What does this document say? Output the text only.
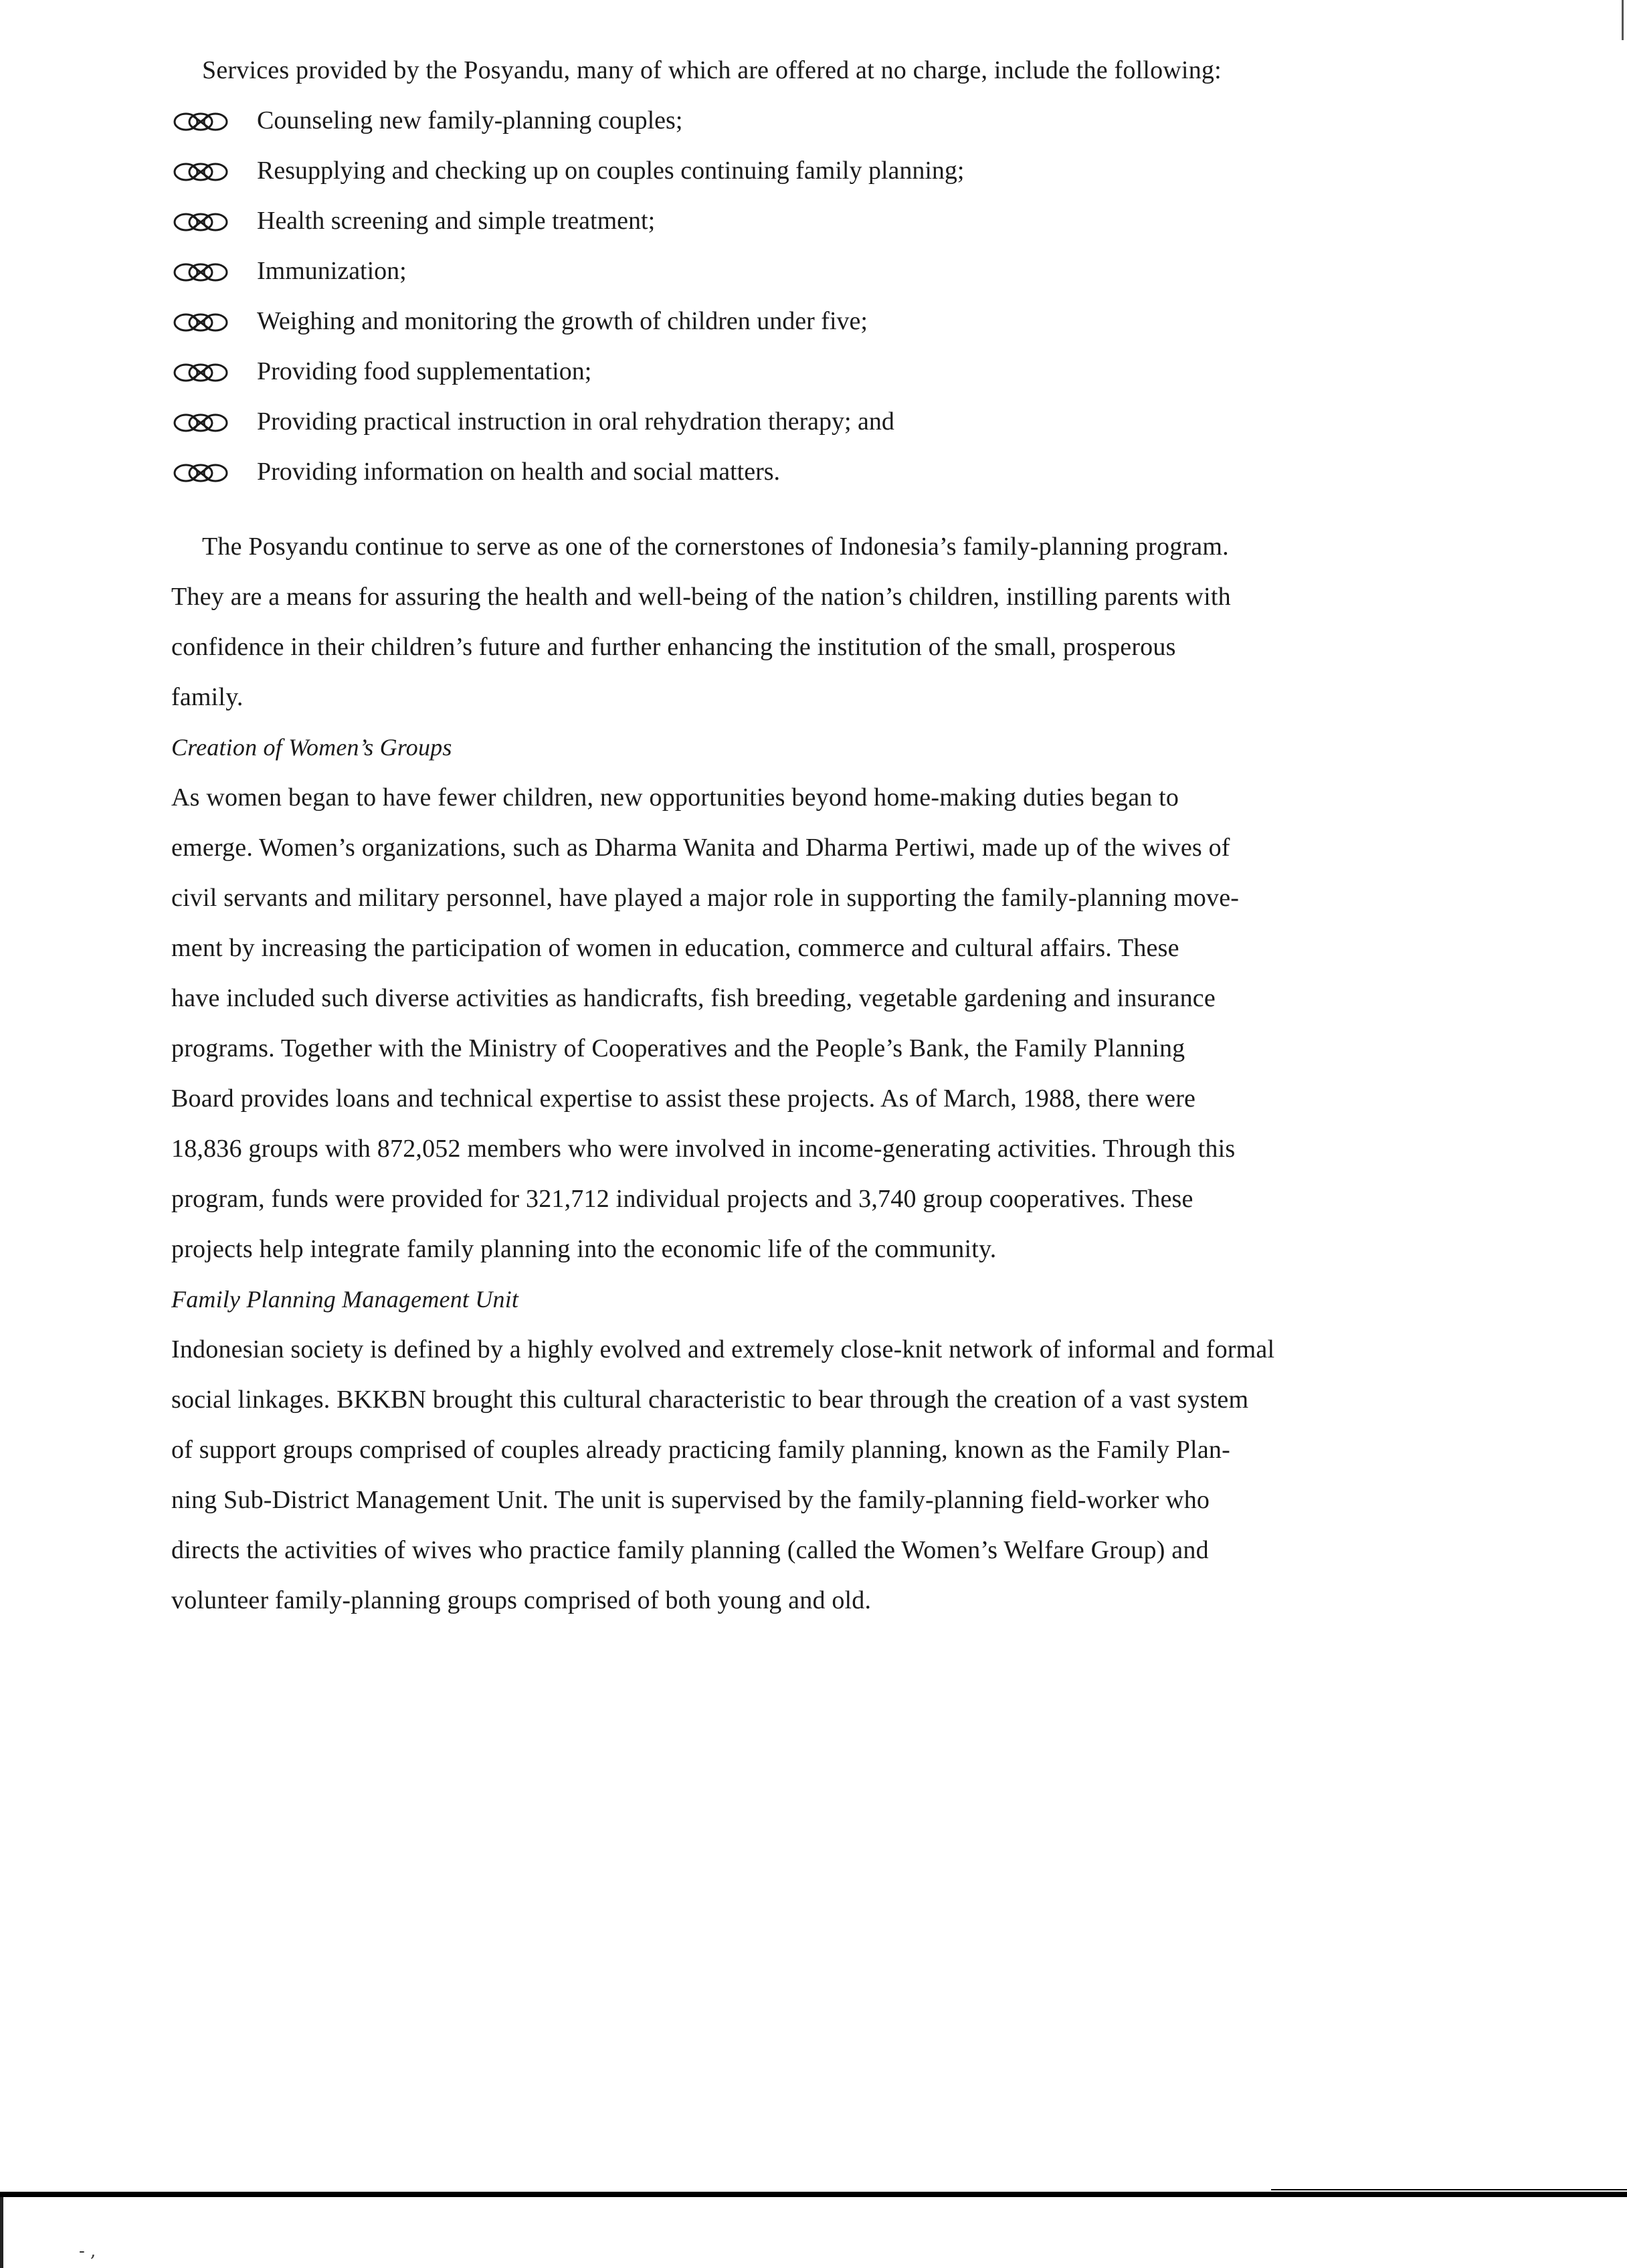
Services provided by the Posyandu, many of which are offered at no charge, include the following:
Counseling new family-planning couples;
Resupplying and checking up on couples continuing family planning;
Health screening and simple treatment;
Immunization;
Weighing and monitoring the growth of children under five;
Providing food supplementation;
Providing practical instruction in oral rehydration therapy; and
Providing information on health and social matters.
The Posyandu continue to serve as one of the cornerstones of Indonesia’s family-planning program.
They are a means for assuring the health and well-being of the nation’s children, instilling parents with
confidence in their children’s future and further enhancing the institution of the small, prosperous
family.
Creation of Women’s Groups
As women began to have fewer children, new opportunities beyond home-making duties began to
emerge. Women’s organizations, such as Dharma Wanita and Dharma Pertiwi, made up of the wives of
civil servants and military personnel, have played a major role in supporting the family-planning move-
ment by increasing the participation of women in education, commerce and cultural affairs. These
have included such diverse activities as handicrafts, fish breeding, vegetable gardening and insurance
programs. Together with the Ministry of Cooperatives and the People’s Bank, the Family Planning
Board provides loans and technical expertise to assist these projects. As of March, 1988, there were
18,836 groups with 872,052 members who were involved in income-generating activities. Through this
program, funds were provided for 321,712 individual projects and 3,740 group cooperatives. These
projects help integrate family planning into the economic life of the community.
Family Planning Management Unit
Indonesian society is defined by a highly evolved and extremely close-knit network of informal and formal
social linkages. BKKBN brought this cultural characteristic to bear through the creation of a vast system
of support groups comprised of couples already practicing family planning, known as the Family Plan-
ning Sub-District Management Unit. The unit is supervised by the family-planning field-worker who
directs the activities of wives who practice family planning (called the Women’s Welfare Group) and
volunteer family-planning groups comprised of both young and old.
- ,
